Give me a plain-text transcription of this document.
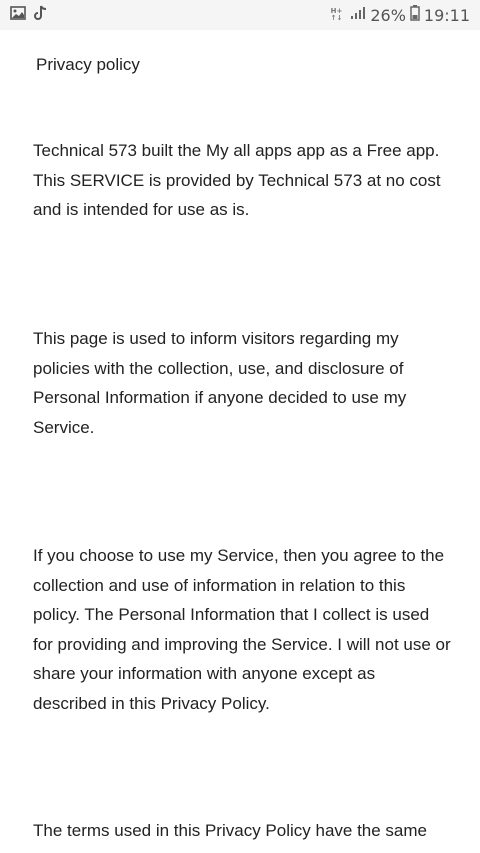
H+
↑↓ 26% 19:11
Privacy policy

Technical 573 built the My all apps app as a Free app. This SERVICE is provided by Technical 573 at no cost and is intended for use as is.

This page is used to inform visitors regarding my policies with the collection, use, and disclosure of Personal Information if anyone decided to use my Service.

If you choose to use my Service, then you agree to the collection and use of information in relation to this policy. The Personal Information that I collect is used for providing and improving the Service. I will not use or share your information with anyone except as described in this Privacy Policy.

The terms used in this Privacy Policy have the same
